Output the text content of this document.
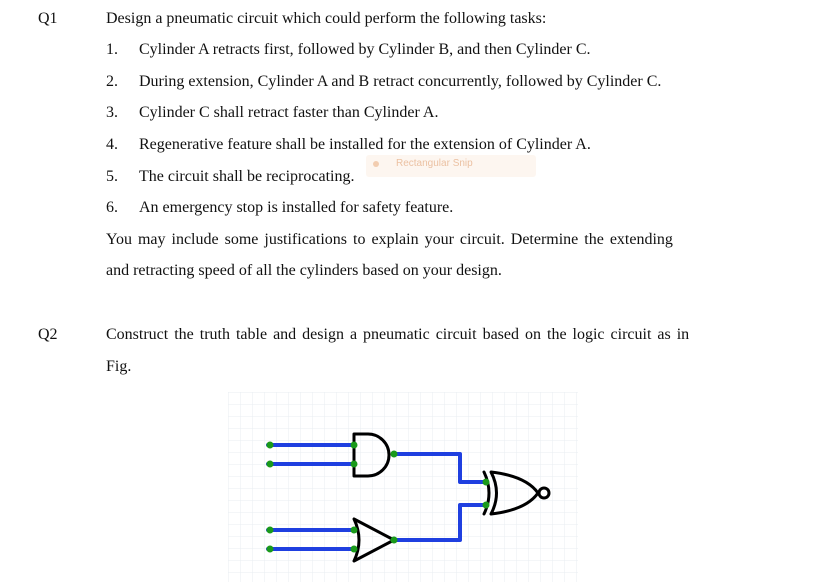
Q1	Design a pneumatic circuit which could perform the following tasks:
1. Cylinder A retracts first, followed by Cylinder B, and then Cylinder C.
2. During extension, Cylinder A and B retract concurrently, followed by Cylinder C.
3. Cylinder C shall retract faster than Cylinder A.
4. Regenerative feature shall be installed for the extension of Cylinder A.
Rectangular Snip
5. The circuit shall be reciprocating.
6. An emergency stop is installed for safety feature.
You may include some justifications to explain your circuit. Determine the extending
and retracting speed of all the cylinders based on your design.
Q2	Construct the truth table and design a pneumatic circuit based on the logic circuit as in
Fig.
